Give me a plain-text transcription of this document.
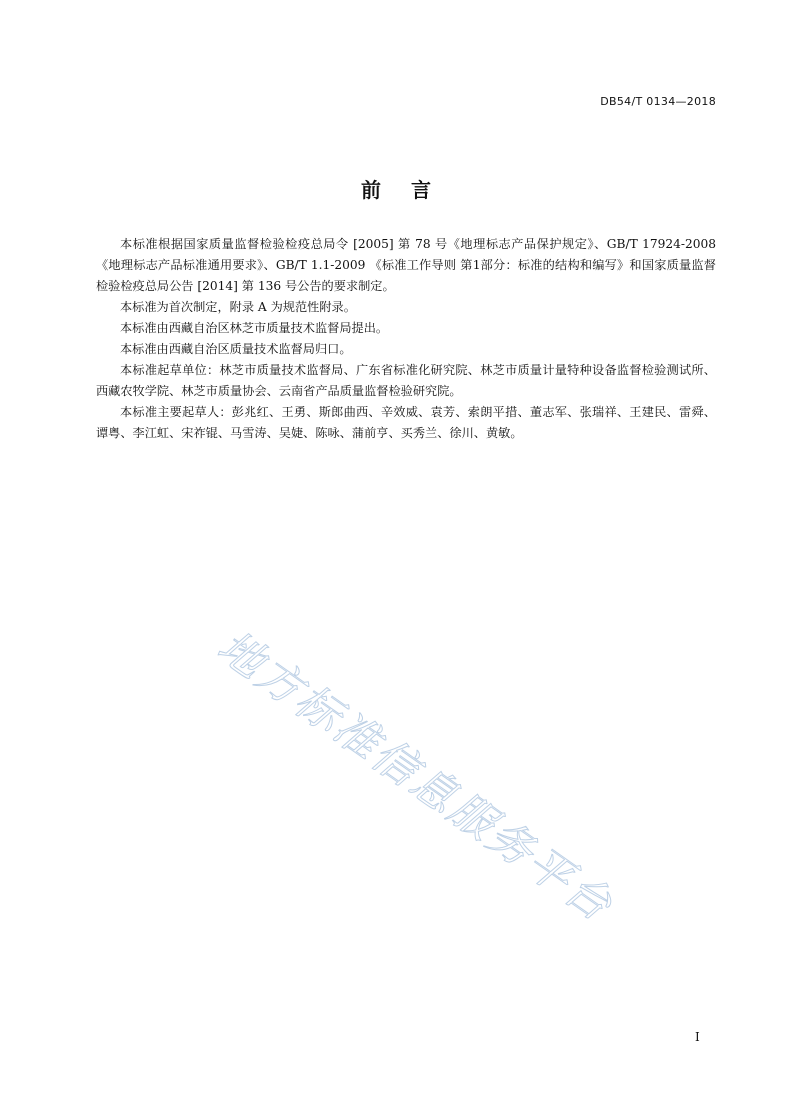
DB54/T 0134—2018
前 言

本标准根据国家质量监督检验检疫总局令 [2005] 第 78 号《地理标志产品保护规定》、GB/T 17924-2008 《地理标志产品标准通用要求》、GB/T 1.1-2009 《标准工作导则 第1部分：标准的结构和编写》和国家质量监督检验检疫总局公告 [2014] 第 136 号公告的要求制定。

本标准为首次制定，附录 A 为规范性附录。

本标准由西藏自治区林芝市质量技术监督局提出。

本标准由西藏自治区质量技术监督局归口。

本标准起草单位：林芝市质量技术监督局、广东省标准化研究院、林芝市质量计量特种设备监督检验测试所、西藏农牧学院、林芝市质量协会、云南省产品质量监督检验研究院。

本标准主要起草人：彭兆红、王勇、斯郎曲西、辛效威、袁芳、索朗平措、董志军、张瑞祥、王建民、雷舜、谭粤、李江虹、宋祚锟、马雪涛、吴婕、陈咏、蒲前亨、买秀兰、徐川、黄敏。

地方标准信息服务平台
I
